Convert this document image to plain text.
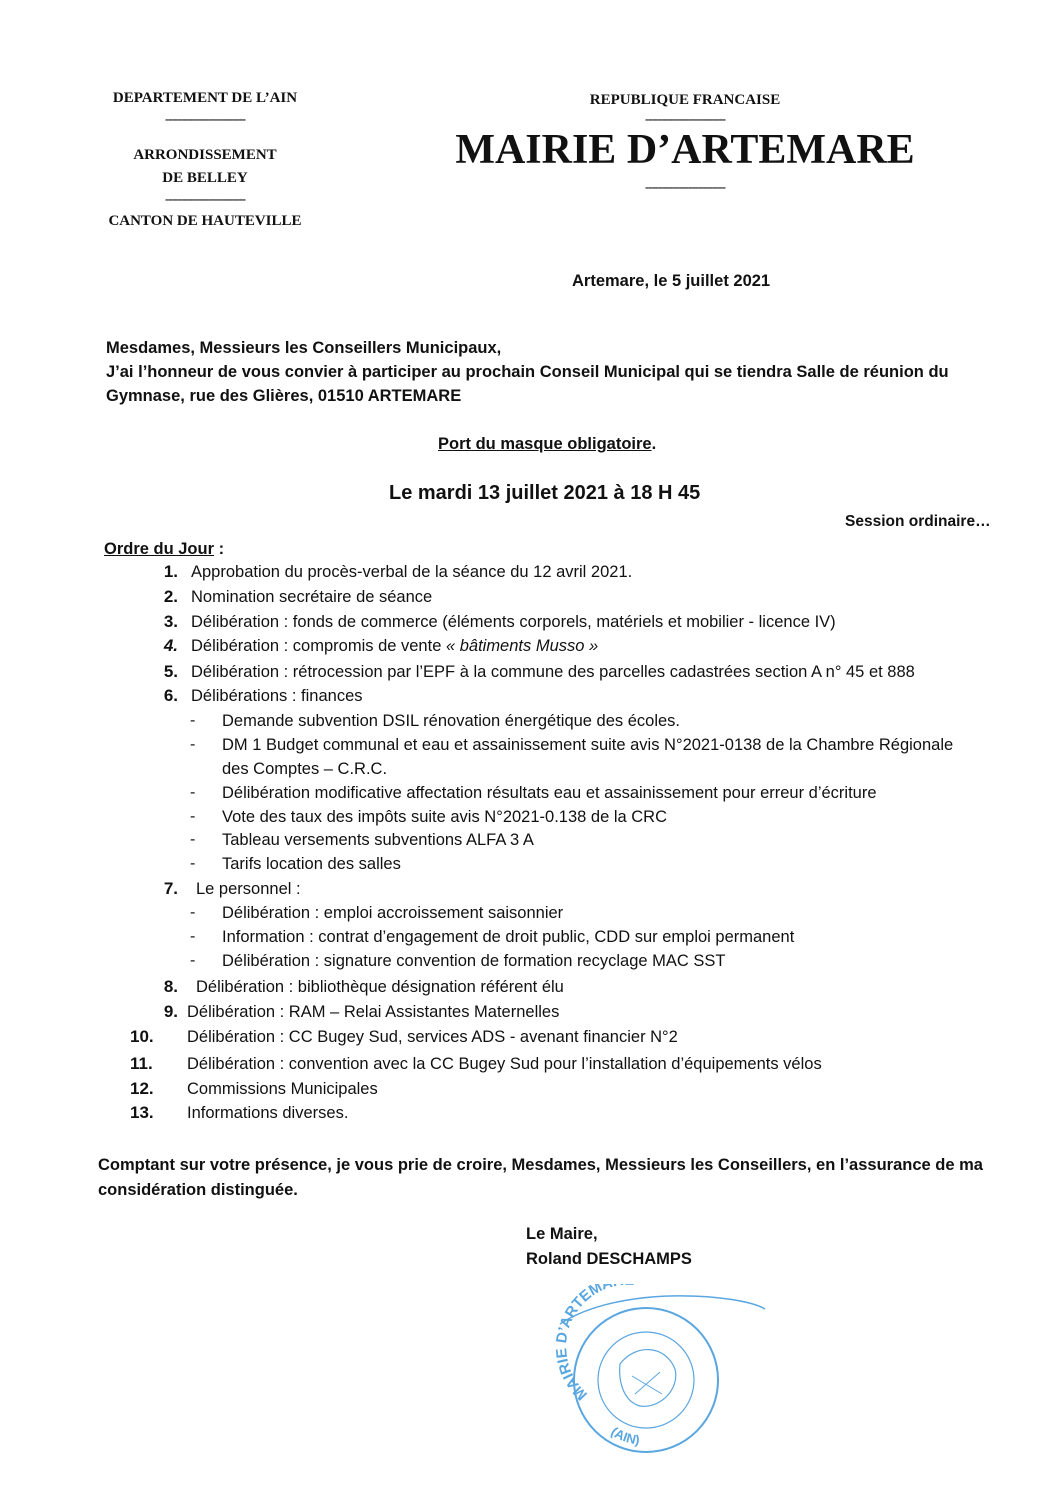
DEPARTEMENT DE L’AIN
------------------------
ARRONDISSEMENT
DE BELLEY
------------------------
CANTON DE HAUTEVILLE
REPUBLIQUE FRANCAISE
------------------------
MAIRIE D’ARTEMARE
------------------------
Artemare, le 5 juillet 2021
Mesdames, Messieurs les Conseillers Municipaux,
J’ai l’honneur de vous convier à participer au prochain Conseil Municipal qui se tiendra Salle de réunion du
Gymnase, rue des Glières, 01510 ARTEMARE
Port du masque obligatoire.
Le mardi 13 juillet 2021 à 18 H 45
Session ordinaire…
Ordre du Jour :
1. Approbation du procès-verbal de la séance du 12 avril 2021.
2. Nomination secrétaire de séance
3. Délibération : fonds de commerce (éléments corporels, matériels et mobilier - licence IV)
4. Délibération : compromis de vente « bâtiments Musso »
5. Délibération : rétrocession par l’EPF à la commune des parcelles cadastrées section A n° 45 et 888
6. Délibérations : finances
- Demande subvention DSIL rénovation énergétique des écoles.
- DM 1 Budget communal et eau et assainissement suite avis N°2021-0138 de la Chambre Régionale
des Comptes – C.R.C.
- Délibération modificative affectation résultats eau et assainissement pour erreur d’écriture
- Vote des taux des impôts suite avis N°2021-0.138 de la CRC
- Tableau versements subventions ALFA 3 A
- Tarifs location des salles
7. Le personnel :
- Délibération : emploi accroissement saisonnier
- Information : contrat d’engagement de droit public, CDD sur emploi permanent
- Délibération : signature convention de formation recyclage MAC SST
8. Délibération : bibliothèque désignation référent élu
9. Délibération : RAM – Relai Assistantes Maternelles
10.	Délibération : CC Bugey Sud, services ADS - avenant financier N°2
11.	Délibération : convention avec la CC Bugey Sud pour l’installation d’équipements vélos
12.	Commissions Municipales
13.	Informations diverses.
Comptant sur votre présence, je vous prie de croire, Mesdames, Messieurs les Conseillers, en l’assurance de ma
considération distinguée.
Le Maire,
Roland DESCHAMPS
MAIRIE D’ARTEM
(AIN)
